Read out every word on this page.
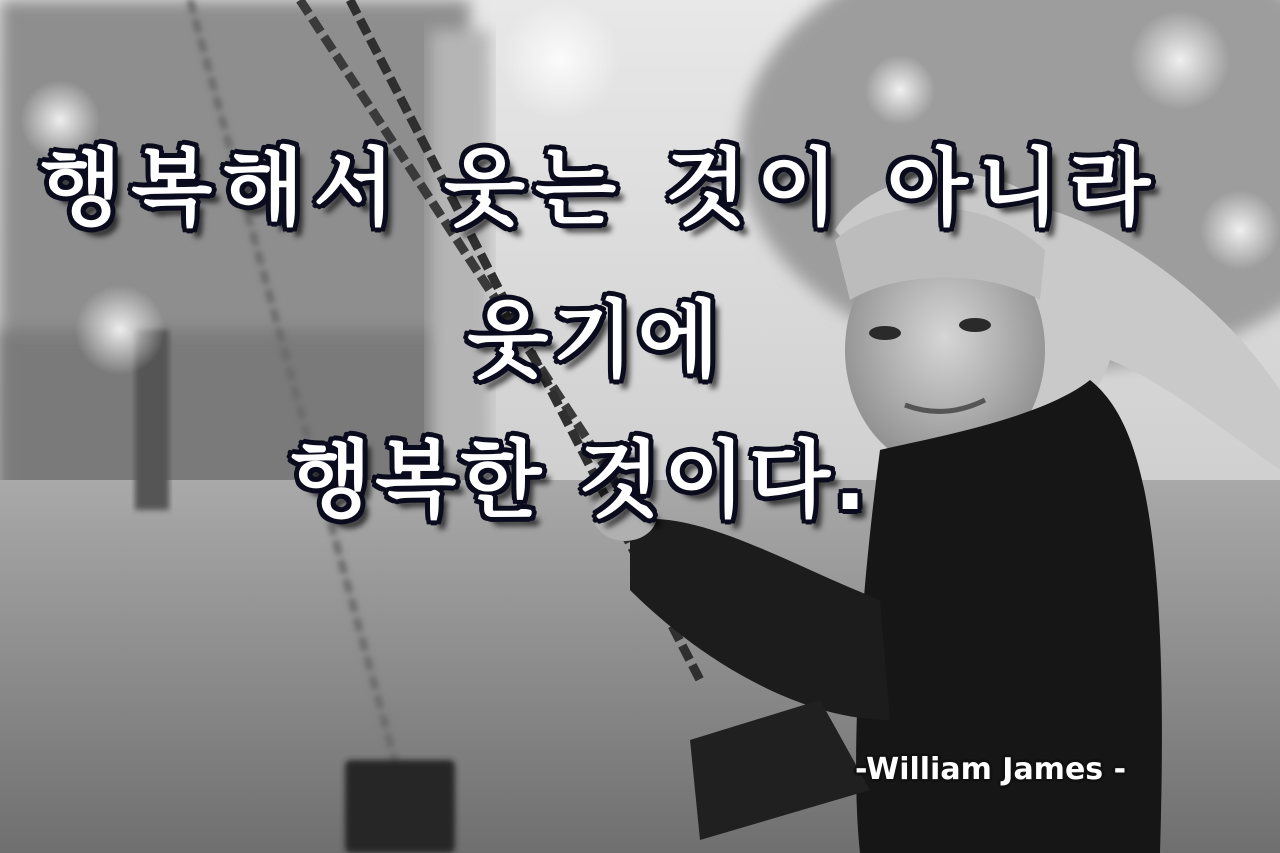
행복해서 웃는 것이 아니라
웃기에
행복한 것이다.
-William James -
